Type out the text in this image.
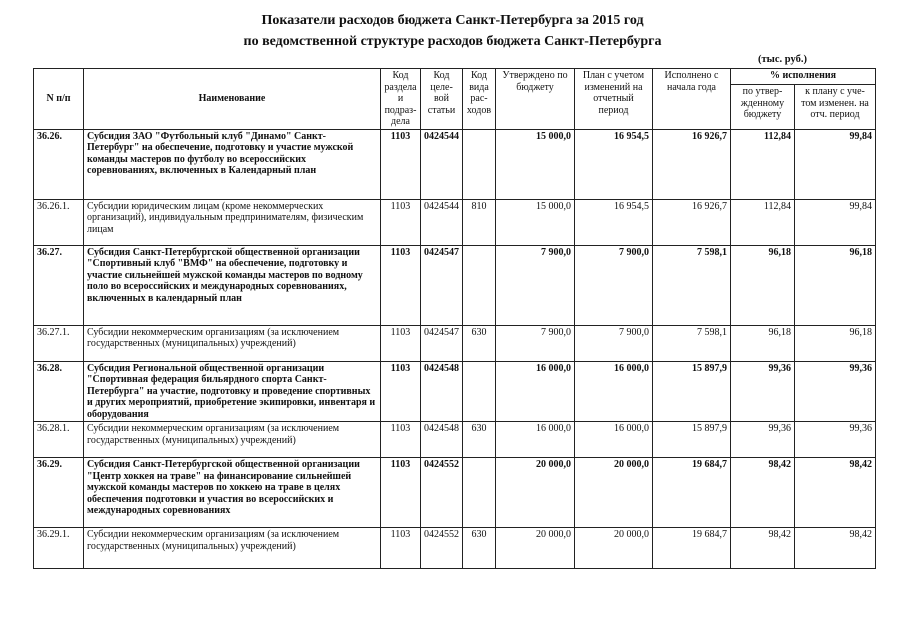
Показатели расходов бюджета Санкт-Петербурга за 2015 год
по ведомственной структуре расходов бюджета Санкт-Петербурга
(тыс. руб.)
N п/п	Наименование	Код раздела и подраз-дела	Код целе-вой статьи	Код вида рас-ходов	Утверждено по бюджету	План с учетом изменений на отчетный период	Исполнено с начала года	% исполнения	
								по утвер-жденному бюджету	к плану с уче-том изменен. на отч. период
36.26.	Субсидия ЗАО "Футбольный клуб "Динамо" Санкт-Петербург" на обеспечение, подготовку и участие мужской команды мастеров по футболу во всероссийских соревнованиях, включенных в Календарный план	1103	0424544		15 000,0	16 954,5	16 926,7	112,84	99,84
36.26.1.	Субсидии юридическим лицам (кроме некоммерческих организаций), индивидуальным предпринимателям, физическим лицам	1103	0424544	810	15 000,0	16 954,5	16 926,7	112,84	99,84
36.27.	Субсидия Санкт-Петербургской общественной организации "Спортивный клуб "ВМФ" на обеспечение, подготовку и участие сильнейшей мужской команды мастеров по водному поло во всероссийских и международных соревнованиях, включенных в календарный план	1103	0424547		7 900,0	7 900,0	7 598,1	96,18	96,18
36.27.1.	Субсидии некоммерческим организациям (за исключением государственных (муниципальных) учреждений)	1103	0424547	630	7 900,0	7 900,0	7 598,1	96,18	96,18
36.28.	Субсидия Региональной общественной организации "Спортивная федерация бильярдного спорта Санкт-Петербурга" на участие, подготовку и проведение спортивных и других мероприятий, приобретение экипировки, инвентаря и оборудования	1103	0424548		16 000,0	16 000,0	15 897,9	99,36	99,36
36.28.1.	Субсидии некоммерческим организациям (за исключением государственных (муниципальных) учреждений)	1103	0424548	630	16 000,0	16 000,0	15 897,9	99,36	99,36
36.29.	Субсидия Санкт-Петербургской общественной организации "Центр хоккея на траве" на финансирование сильнейшей мужской команды мастеров по хоккею на траве в целях обеспечения подготовки и участия во всероссийских и международных соревнованиях	1103	0424552		20 000,0	20 000,0	19 684,7	98,42	98,42
36.29.1.	Субсидии некоммерческим организациям (за исключением государственных (муниципальных) учреждений)	1103	0424552	630	20 000,0	20 000,0	19 684,7	98,42	98,42
